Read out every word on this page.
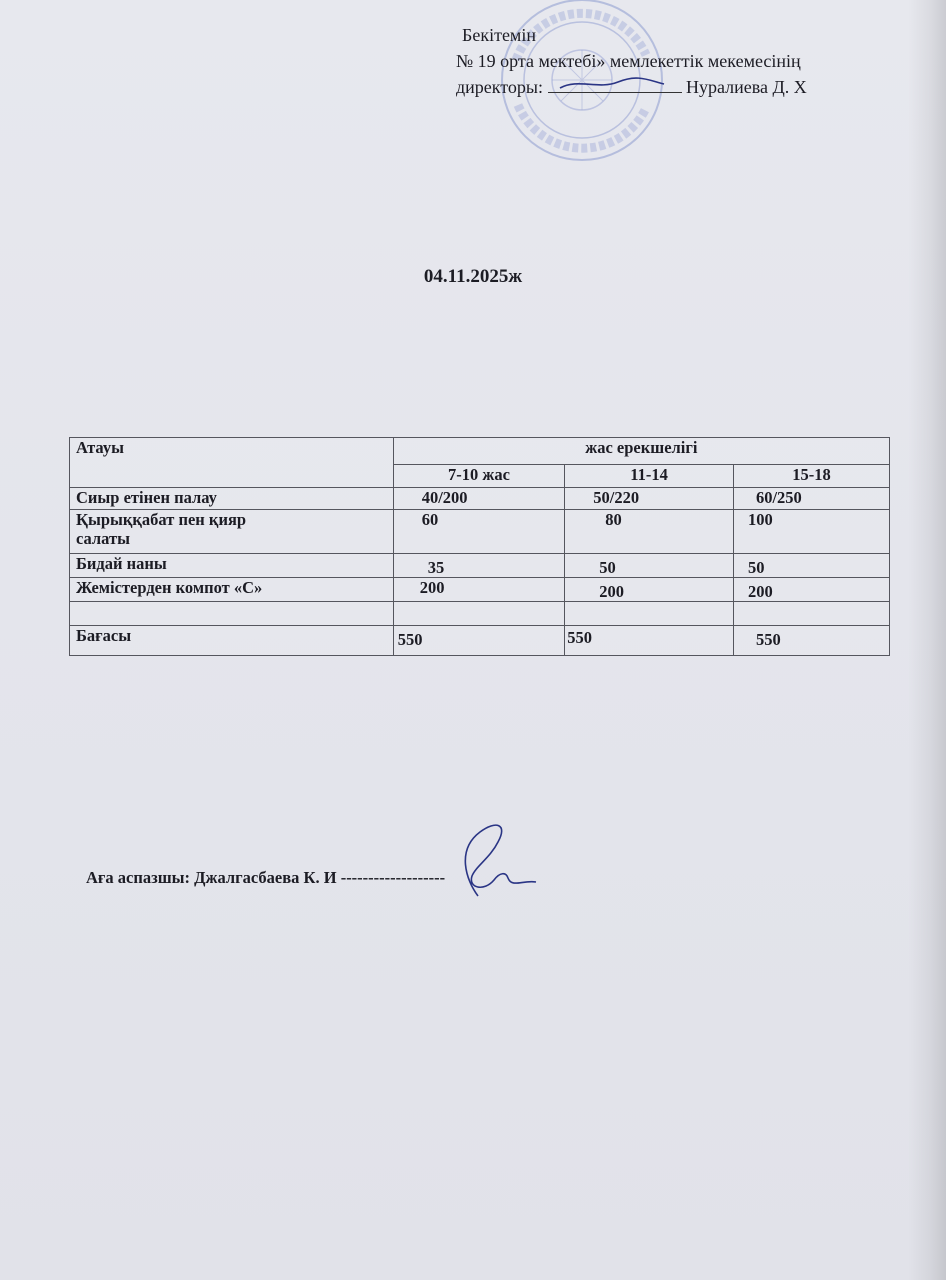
Бекітемін
№ 19 орта мектебі» мемлекеттік мекемесінің
директоры:	Нуралиева Д. Х
04.11.2025ж
Атауы	жас ерекшелігі		
	7-10 жас	11-14	15-18
Сиыр етінен палау	40/200	50/220	60/250
Қырыққабат пен қияр салаты	60	80	100
Бидай наны	35	50	50
Жемістерден компот «С»	200	200	200

Бағасы	550	550	550
Аға аспазшы: Джалгасбаева К. И -------------------
